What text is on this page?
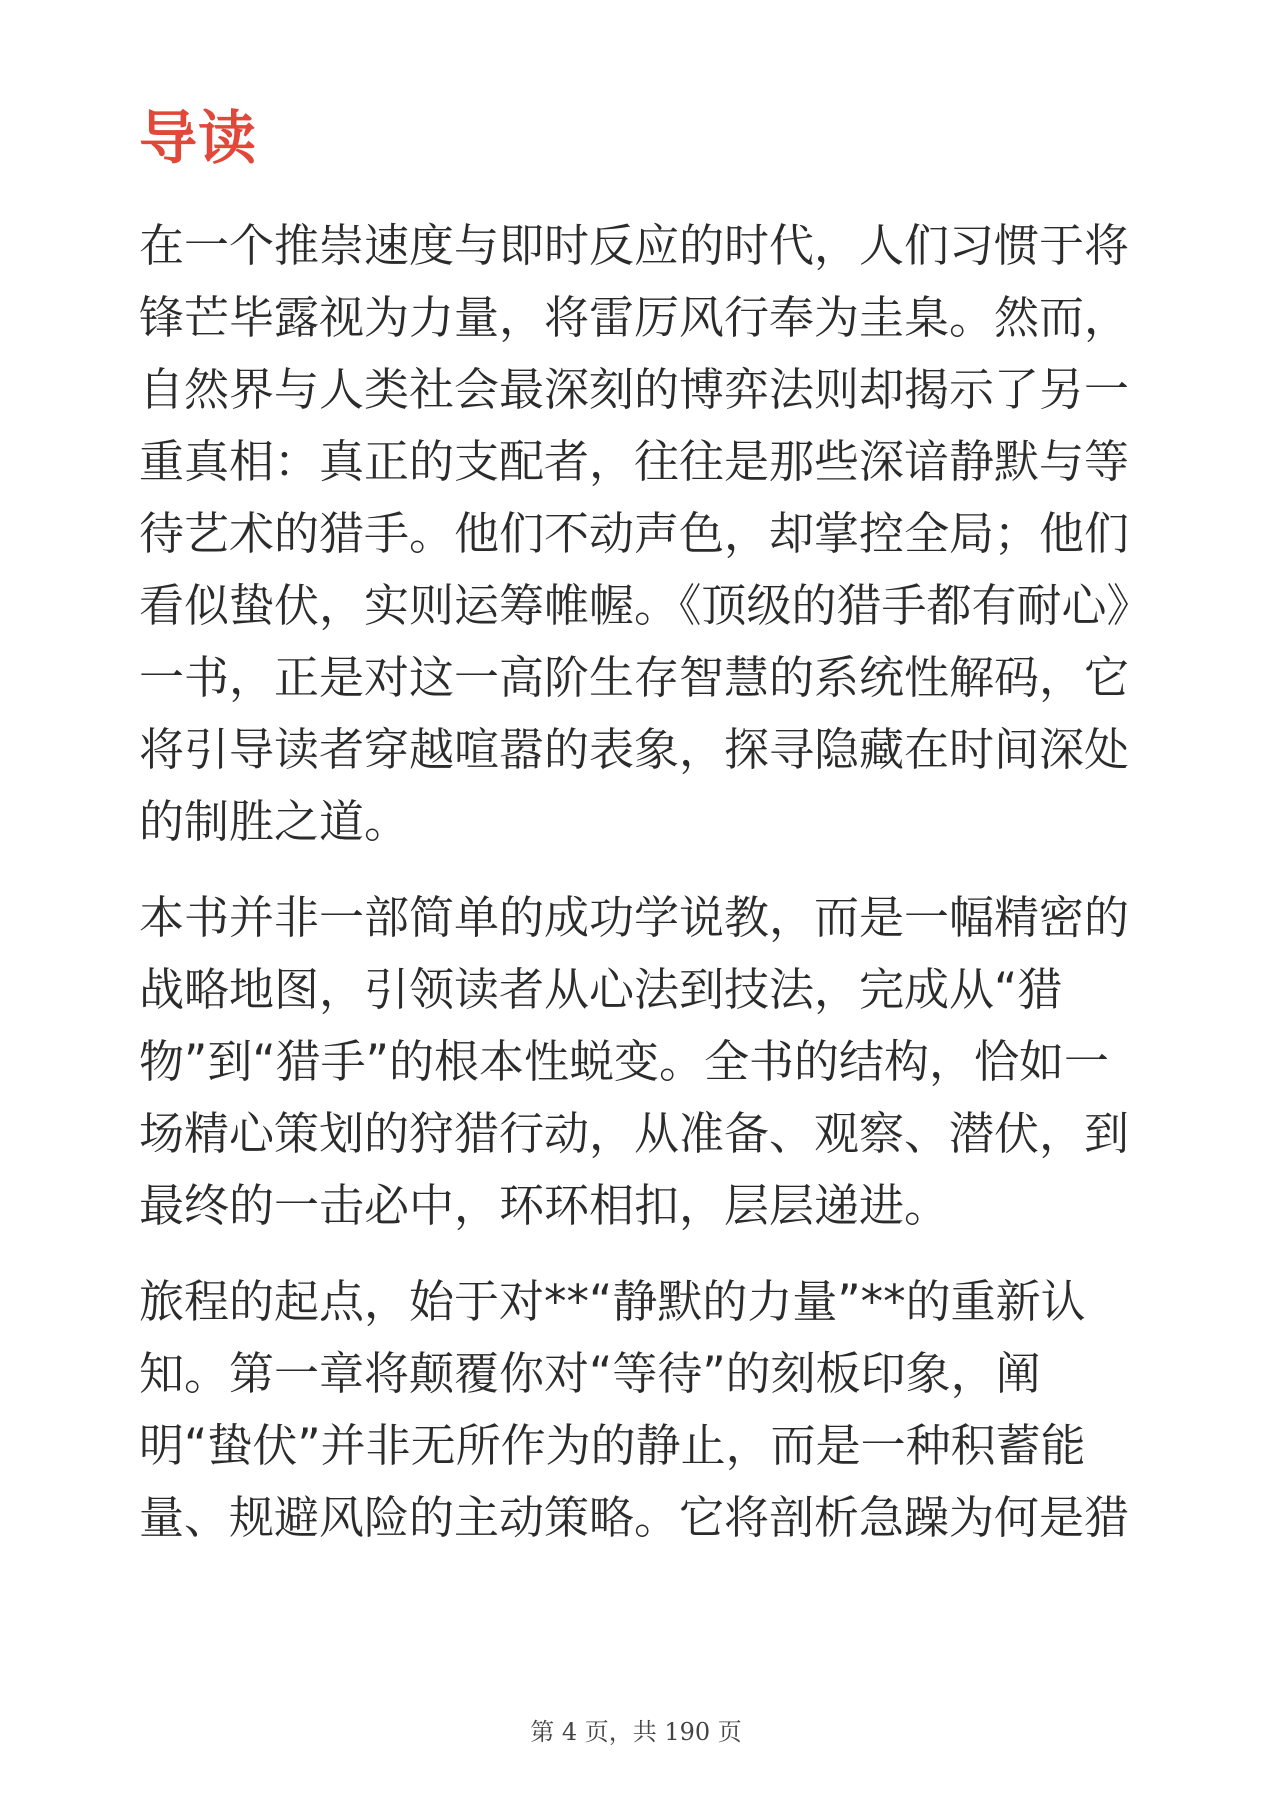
导读

在一个推崇速度与即时反应的时代，人们习惯于将锋芒毕露视为力量，将雷厉风行奉为圭臬。然而，自然界与人类社会最深刻的博弈法则却揭示了另一重真相：真正的支配者，往往是那些深谙静默与等待艺术的猎手。他们不动声色，却掌控全局；他们看似蛰伏，实则运筹帷幄。《顶级的猎手都有耐心》一书，正是对这一高阶生存智慧的系统性解码，它将引导读者穿越喧嚣的表象，探寻隐藏在时间深处的制胜之道。

本书并非一部简单的成功学说教，而是一幅精密的战略地图，引领读者从心法到技法，完成从“猎物”到“猎手”的根本性蜕变。全书的结构，恰如一场精心策划的狩猎行动，从准备、观察、潜伏，到最终的一击必中，环环相扣，层层递进。

旅程的起点，始于对**“静默的力量”**的重新认知。第一章将颠覆你对“等待”的刻板印象，阐明“蛰伏”并非无所作为的静止，而是一种积蓄能量、规避风险的主动策略。它将剖析急躁为何是猎

第 4 页，共 190 页
